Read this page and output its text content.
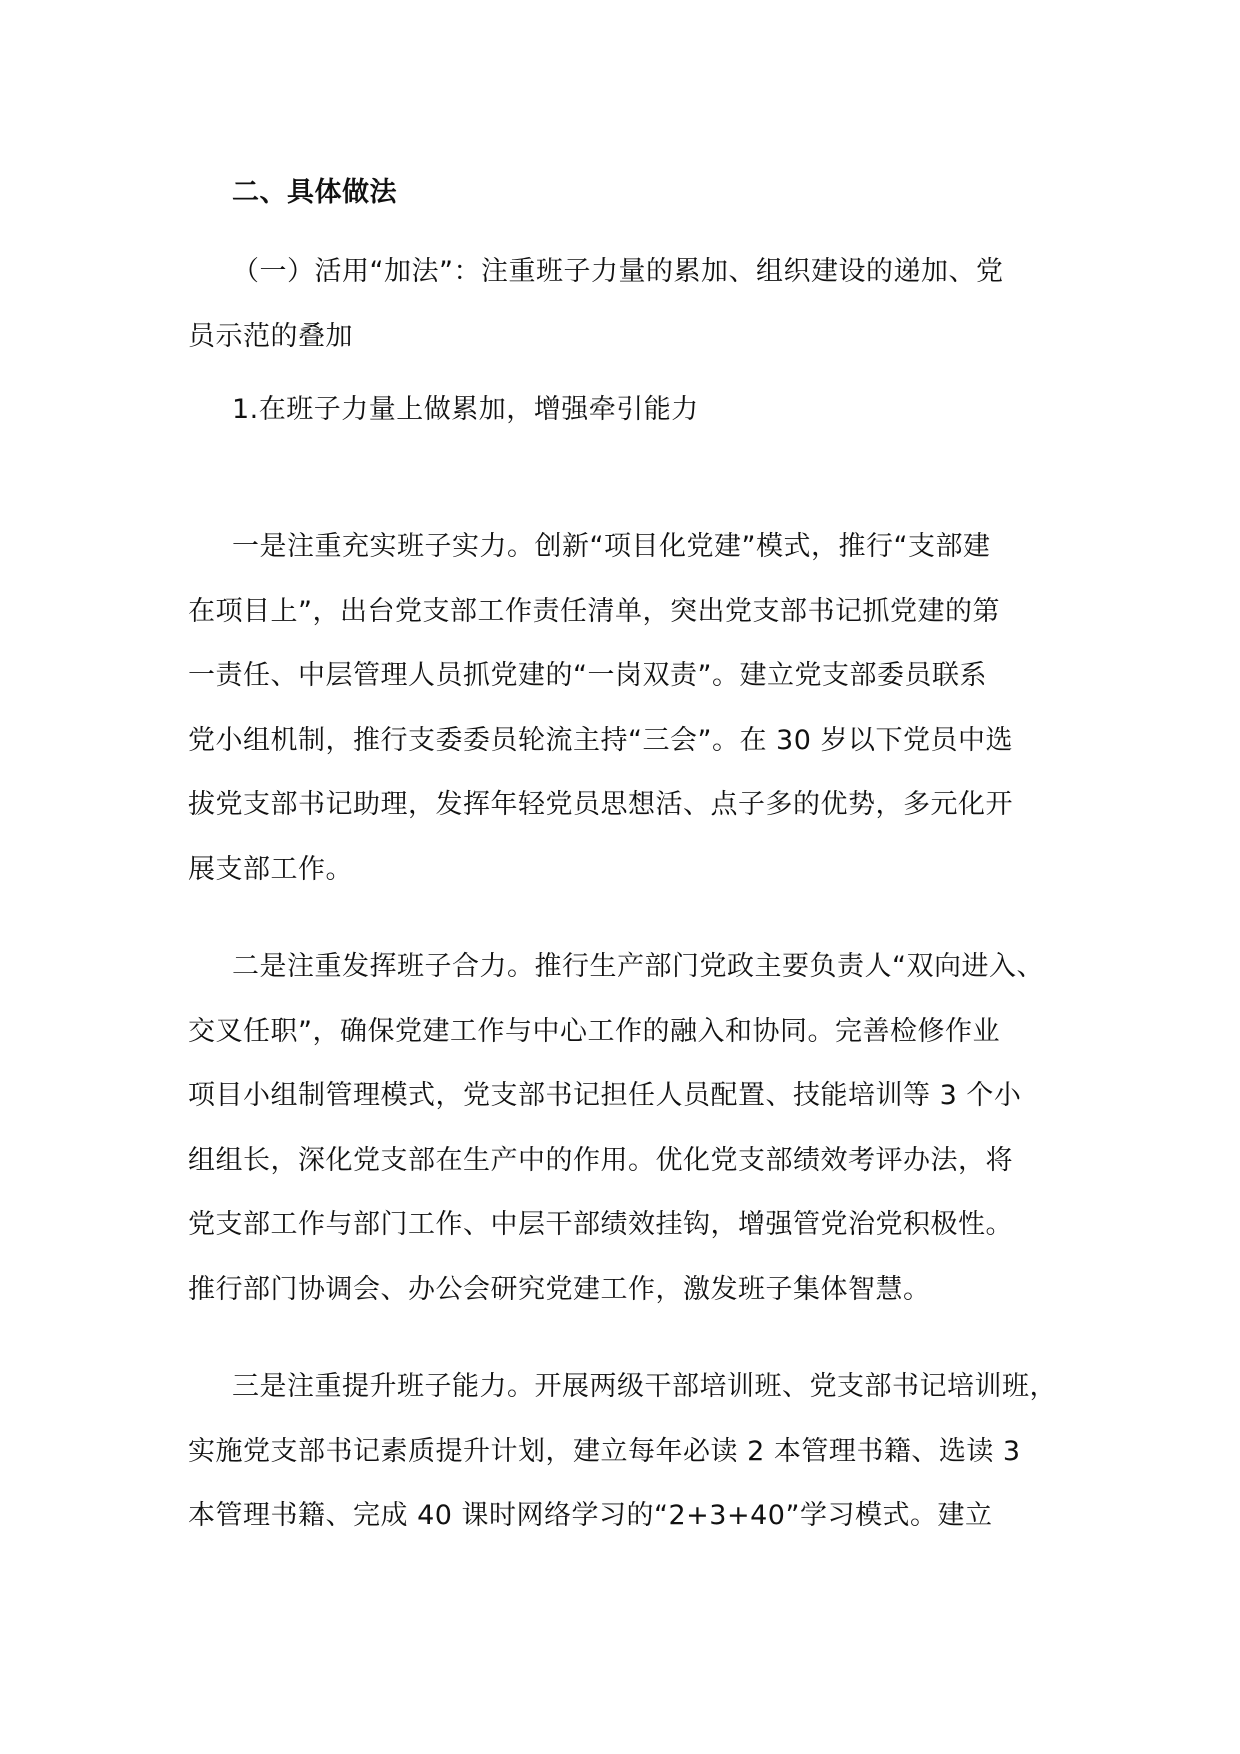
二、具体做法
（一）活用“加法”：注重班子力量的累加、组织建设的递加、党
员示范的叠加
1.在班子力量上做累加，增强牵引能力
一是注重充实班子实力。创新“项目化党建”模式，推行“支部建
在项目上”，出台党支部工作责任清单，突出党支部书记抓党建的第
一责任、中层管理人员抓党建的“一岗双责”。建立党支部委员联系
党小组机制，推行支委委员轮流主持“三会”。在 30 岁以下党员中选
拔党支部书记助理，发挥年轻党员思想活、点子多的优势，多元化开
展支部工作。
二是注重发挥班子合力。推行生产部门党政主要负责人“双向进入、
交叉任职”，确保党建工作与中心工作的融入和协同。完善检修作业
项目小组制管理模式，党支部书记担任人员配置、技能培训等 3 个小
组组长，深化党支部在生产中的作用。优化党支部绩效考评办法，将
党支部工作与部门工作、中层干部绩效挂钩，增强管党治党积极性。
推行部门协调会、办公会研究党建工作，激发班子集体智慧。
三是注重提升班子能力。开展两级干部培训班、党支部书记培训班，
实施党支部书记素质提升计划，建立每年必读 2 本管理书籍、选读 3
本管理书籍、完成 40 课时网络学习的“2+3+40”学习模式。建立
